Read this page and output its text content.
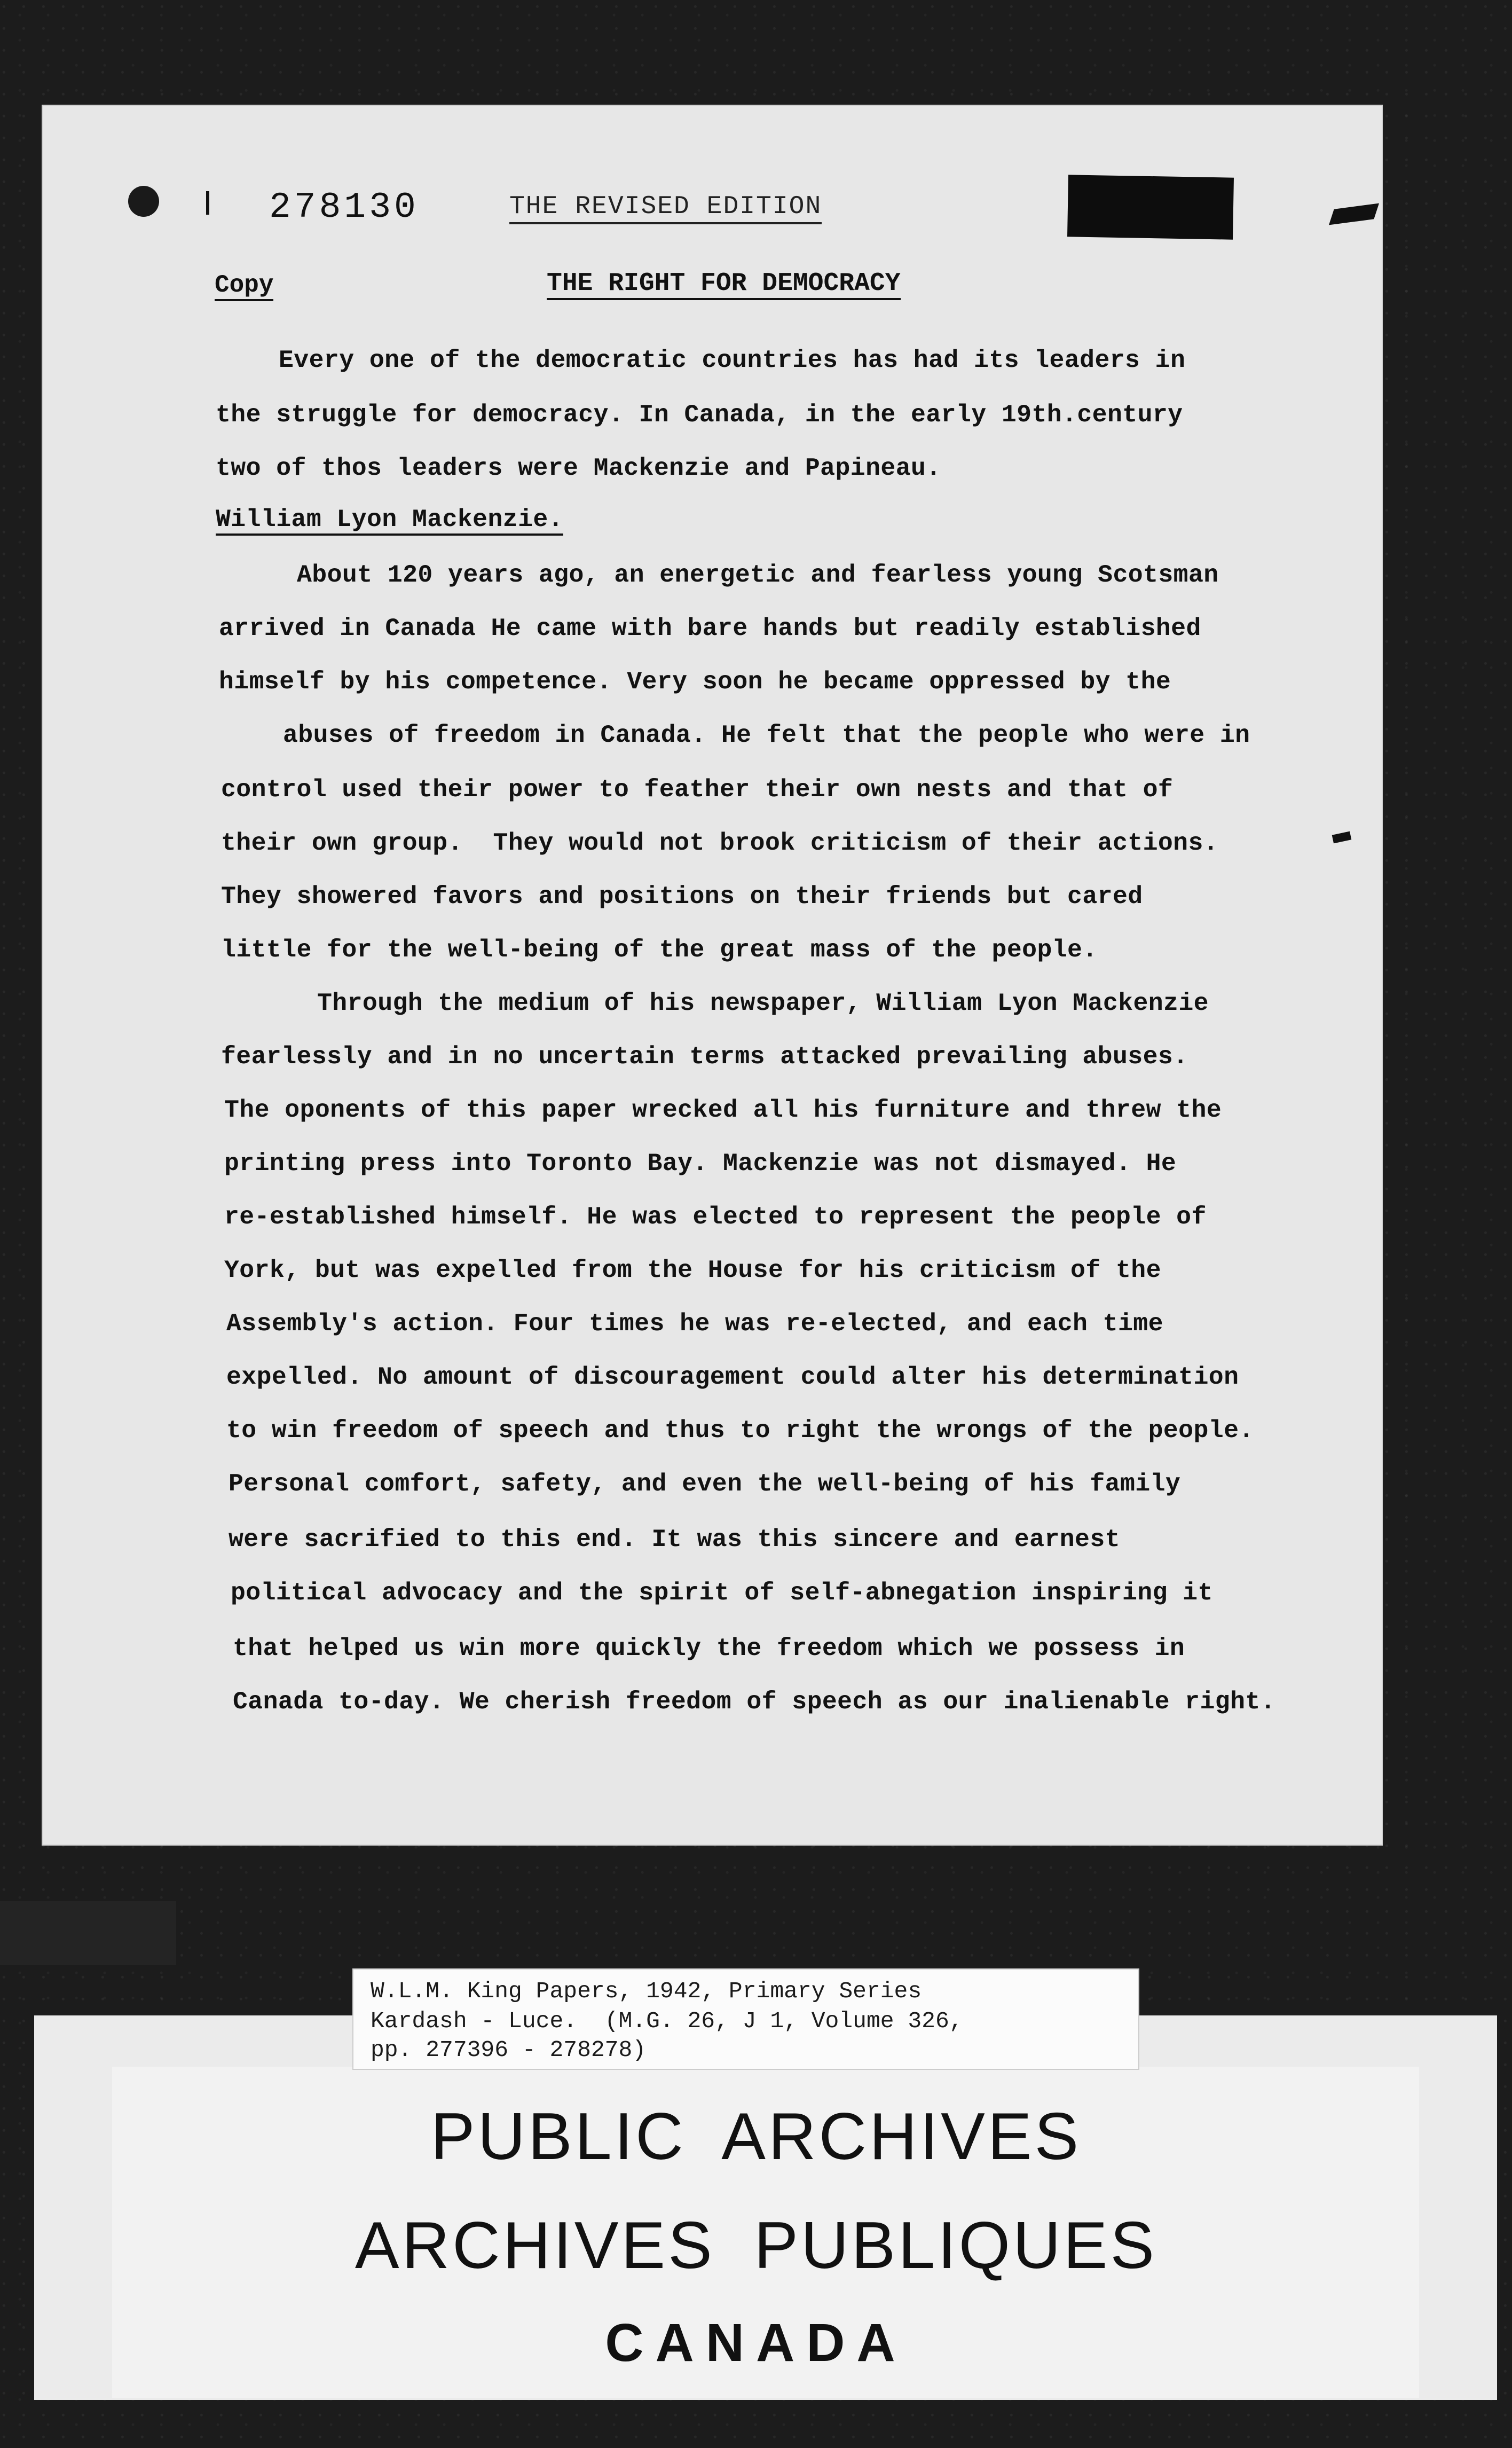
278130	THE REVISED EDITION
Copy	THE RIGHT FOR DEMOCRACY
Every one of the democratic countries has had its leaders in
the struggle for democracy. In Canada, in the early 19th.century
two of thos leaders were Mackenzie and Papineau.
William Lyon Mackenzie.
About 120 years ago, an energetic and fearless young Scotsman
arrived in Canada He came with bare hands but readily established
himself by his competence. Very soon he became oppressed by the
abuses of freedom in Canada. He felt that the people who were in
control used their power to feather their own nests and that of
their own group.  They would not brook criticism of their actions.
They showered favors and positions on their friends but cared
little for the well-being of the great mass of the people.
Through the medium of his newspaper, William Lyon Mackenzie
fearlessly and in no uncertain terms attacked prevailing abuses.
The oponents of this paper wrecked all his furniture and threw the
printing press into Toronto Bay. Mackenzie was not dismayed. He
re-established himself. He was elected to represent the people of
York, but was expelled from the House for his criticism of the
Assembly's action. Four times he was re-elected, and each time
expelled. No amount of discouragement could alter his determination
to win freedom of speech and thus to right the wrongs of the people.
Personal comfort, safety, and even the well-being of his family
were sacrified to this end. It was this sincere and earnest
political advocacy and the spirit of self-abnegation inspiring it
that helped us win more quickly the freedom which we possess in
Canada to-day. We cherish freedom of speech as our inalienable right.
W.L.M. King Papers, 1942, Primary Series
Kardash - Luce.  (M.G. 26, J 1, Volume 326,
pp. 277396 - 278278)
PUBLIC ARCHIVES
ARCHIVES PUBLIQUES
CANADA
